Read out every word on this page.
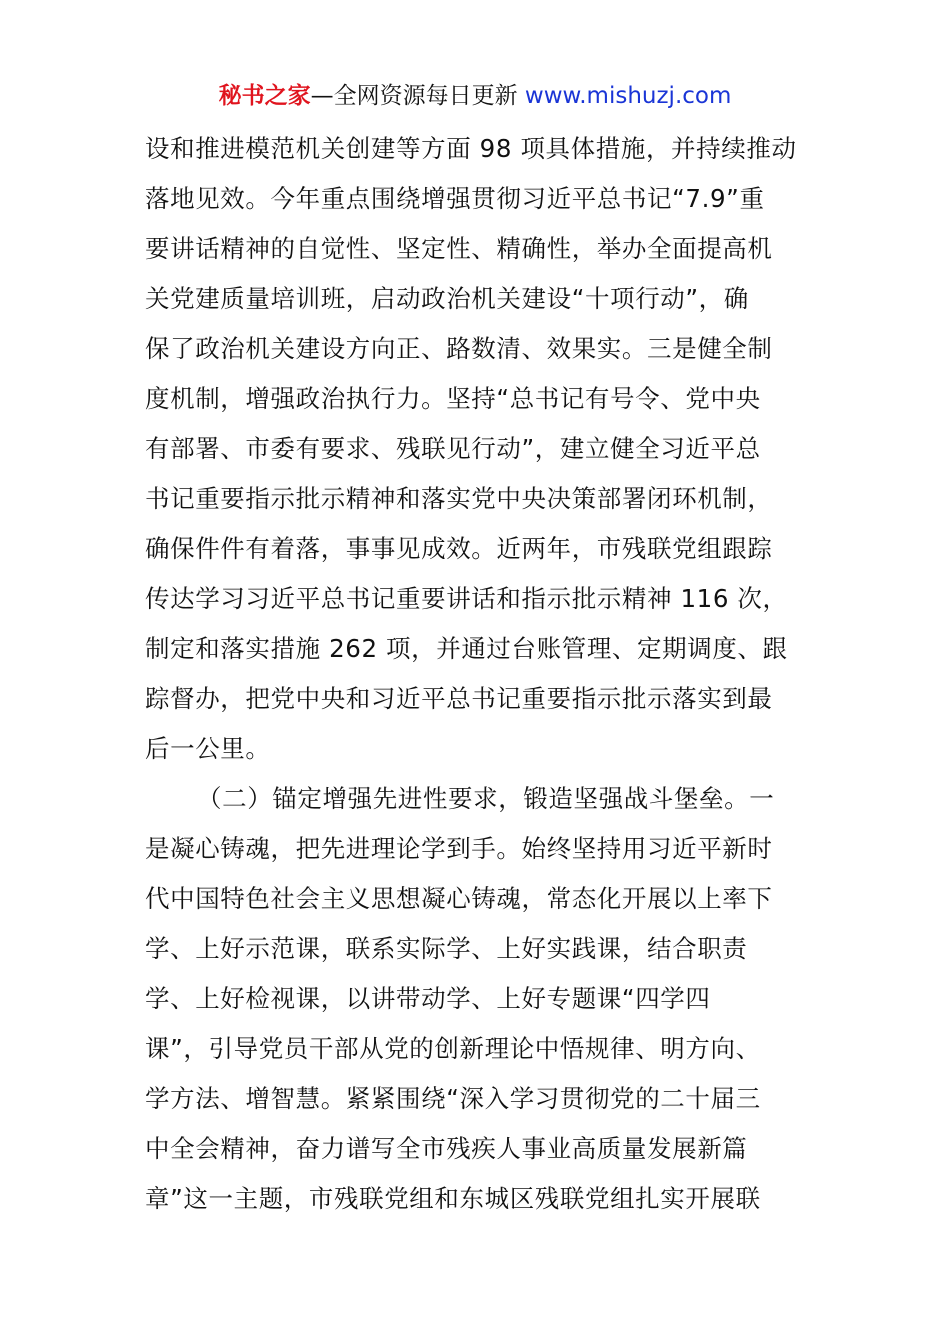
秘书之家—全网资源每日更新 www.mishuzj.com
设和推进模范机关创建等方面 98 项具体措施，并持续推动
落地见效。今年重点围绕增强贯彻习近平总书记“7.9”重
要讲话精神的自觉性、坚定性、精确性，举办全面提高机
关党建质量培训班，启动政治机关建设“十项行动”，确
保了政治机关建设方向正、路数清、效果实。三是健全制
度机制，增强政治执行力。坚持“总书记有号令、党中央
有部署、市委有要求、残联见行动”，建立健全习近平总
书记重要指示批示精神和落实党中央决策部署闭环机制，
确保件件有着落，事事见成效。近两年，市残联党组跟踪
传达学习习近平总书记重要讲话和指示批示精神 116 次，
制定和落实措施 262 项，并通过台账管理、定期调度、跟
踪督办，把党中央和习近平总书记重要指示批示落实到最
后一公里。
（二）锚定增强先进性要求，锻造坚强战斗堡垒。一
是凝心铸魂，把先进理论学到手。始终坚持用习近平新时
代中国特色社会主义思想凝心铸魂，常态化开展以上率下
学、上好示范课，联系实际学、上好实践课，结合职责
学、上好检视课，以讲带动学、上好专题课“四学四
课”，引导党员干部从党的创新理论中悟规律、明方向、
学方法、增智慧。紧紧围绕“深入学习贯彻党的二十届三
中全会精神，奋力谱写全市残疾人事业高质量发展新篇
章”这一主题，市残联党组和东城区残联党组扎实开展联
